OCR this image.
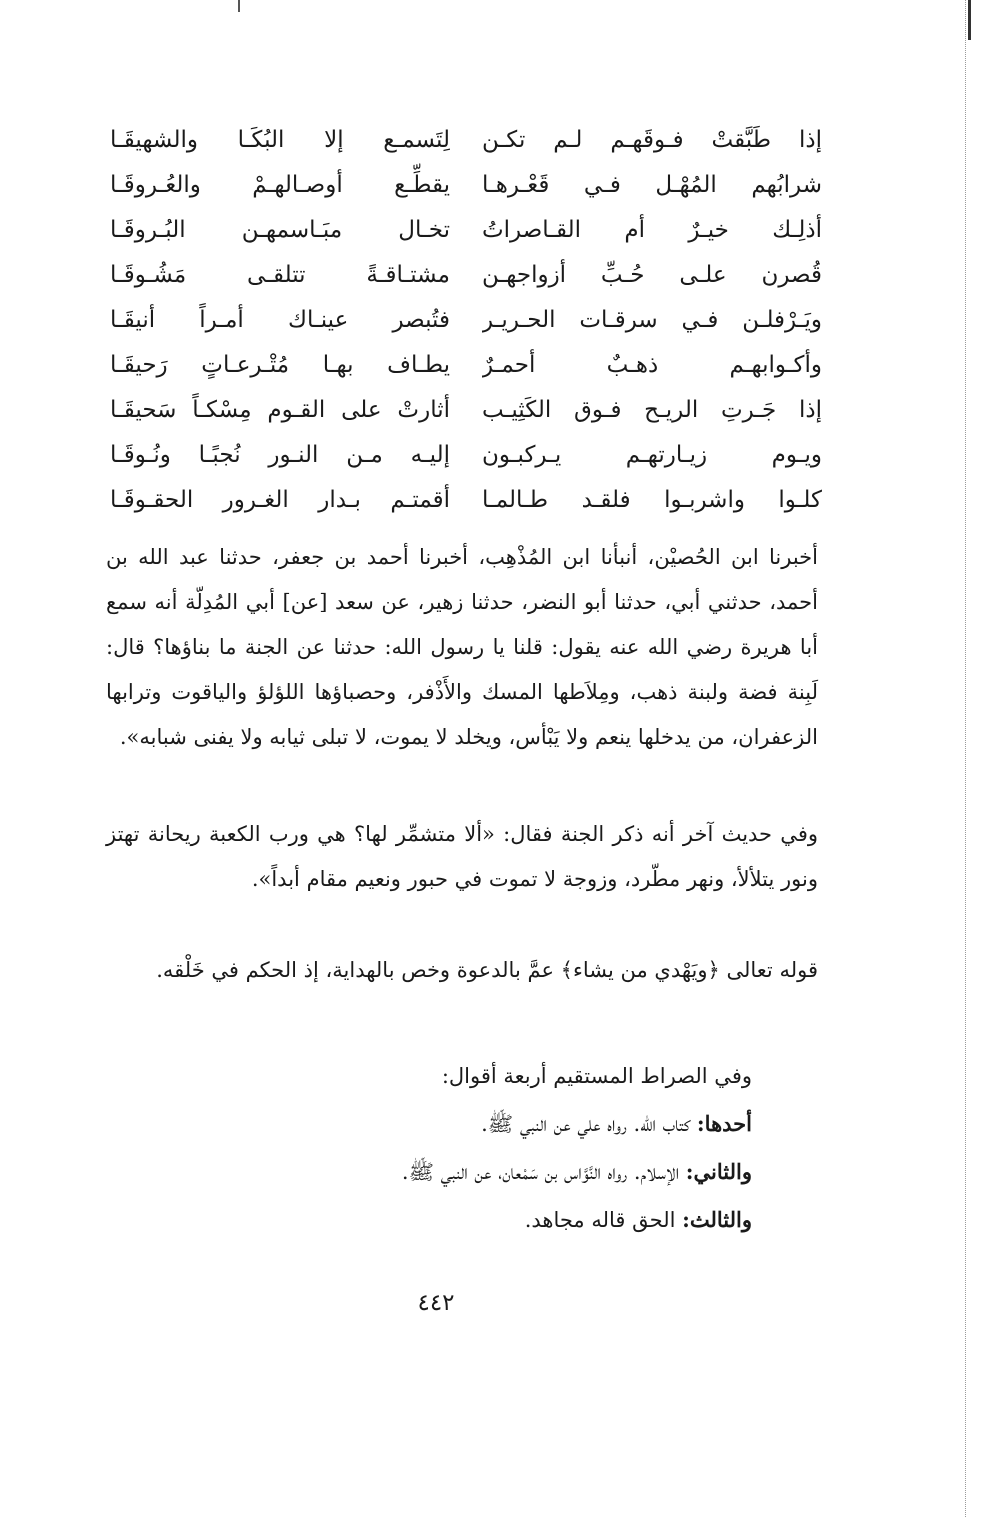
إذا طَبَّقتْ فـوقَهـم لـم تكـن
لِتَسمـع إلا البُكَـا والشهيقَـا
شرابُهم المُهْـل فـي قَعْـرهـا
يقطِّـع أوصـالهـمْ والعُـروقَـا
أذلِـك خيـرٌ أم القـاصراتُ
تخـال مبَـاسمهـن البُـروقَـا
قُصرن علـى حُـبِّ أزواجهـن
مشتـاقـةً تتلقـى مَشُـوقَـا
ويَـرْفلـن فـي سرقـات الحـريـر
فتُبصر عينـاك أمـراً أنيقَـا
وأكـوابهـم ذهـبٌ أحمـرٌ
يطـاف بهـا مُتْـرعـاتٍ رَحيقَـا
إذا جَـرتِ الريـح فـوق الكَثِيـب
أثارتْ على القـوم مِسْكـاً سَحيقَـا
ويـوم زيـارتهـم يـركبـون
إليـه مـن النـور نُجبًـا ونُـوقَـا
كلـوا واشربـوا فلقـد طـالمـا
أقمتـم بـدار الغـرور الحقـوقَـا

أخبرنا ابن الحُصيْن، أنبأنا ابن المُذْهِب، أخبرنا أحمد بن جعفر، حدثنا عبد الله بن أحمد، حدثني أبي، حدثنا أبو النضر، حدثنا زهير، عن سعد [عن] أبي المُدِلّة أنه سمع أبا هريرة رضي الله عنه يقول: قلنا يا رسول الله: حدثنا عن الجنة ما بناؤها؟ قال: لَبِنة فضة ولبنة ذهب، ومِلاَطها المسك والأَذْفر، وحصباؤها اللؤلؤ والياقوت وترابها الزعفران، من يدخلها ينعم ولا يَبْأس، ويخلد لا يموت، لا تبلى ثيابه ولا يفنى شبابه».

وفي حديث آخر أنه ذكر الجنة فقال: «ألا متشمِّر لها؟ هي ورب الكعبة ريحانة تهتز ونور يتلألأ، ونهر مطّرد، وزوجة لا تموت في حبور ونعيم مقام أبداً».

قوله تعالى ﴿ويَهْدي من يشاء﴾ عمَّ بالدعوة وخص بالهداية، إذ الحكم في خَلْقه.

وفي الصراط المستقيم أربعة أقوال:
أحدها: كتاب الله. رواه علي عن النبي ﷺ.
والثاني: الإسلام. رواه النَّوَّاس بن سَمْعان، عن النبي ﷺ.
والثالث: الحق قاله مجاهد.
٤٤٢
